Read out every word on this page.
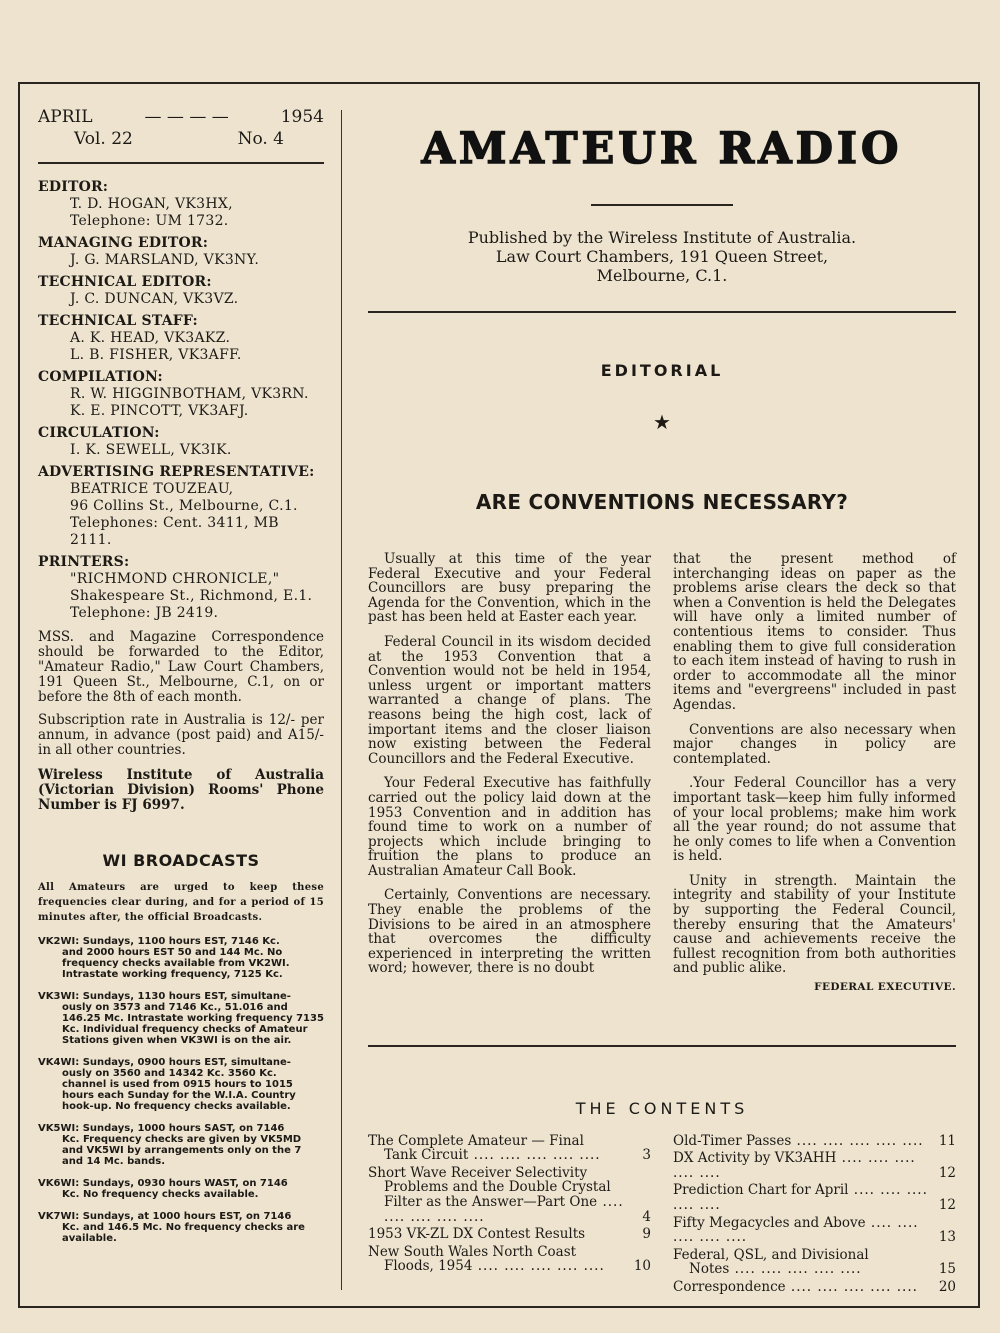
APRIL	— — — —	1954
Vol. 22	No. 4
EDITOR:
T. D. HOGAN, VK3HX,
Telephone: UM 1732.
MANAGING EDITOR:
J. G. MARSLAND, VK3NY.
TECHNICAL EDITOR:
J. C. DUNCAN, VK3VZ.
TECHNICAL STAFF:
A. K. HEAD, VK3AKZ.
L. B. FISHER, VK3AFF.
COMPILATION:
R. W. HIGGINBOTHAM, VK3RN.
K. E. PINCOTT, VK3AFJ.
CIRCULATION:
I. K. SEWELL, VK3IK.
ADVERTISING REPRESENTATIVE:
BEATRICE TOUZEAU,
96 Collins St., Melbourne, C.1.
Telephones: Cent. 3411, MB 2111.
PRINTERS:
"RICHMOND CHRONICLE,"
Shakespeare St., Richmond, E.1.
Telephone: JB 2419.
MSS. and Magazine Correspondence should be forwarded to the Editor, "Amateur Radio," Law Court Chambers, 191 Queen St., Melbourne, C.1, on or before the 8th of each month.
Subscription rate in Australia is 12/- per annum, in advance (post paid) and A15/- in all other countries.
Wireless Institute of Australia (Victorian Division) Rooms' Phone Number is FJ 6997.
WI BROADCASTS
All Amateurs are urged to keep these frequencies clear during, and for a period of 15 minutes after, the official Broadcasts.
VK2WI: Sundays, 1100 hours EST, 7146 Kc.
and 2000 hours EST 50 and 144 Mc. No frequency checks available from VK2WI. Intrastate working frequency, 7125 Kc.
VK3WI: Sundays, 1130 hours EST, simultane-
ously on 3573 and 7146 Kc., 51.016 and 146.25 Mc. Intrastate working frequency 7135 Kc. Individual frequency checks of Amateur Stations given when VK3WI is on the air.
VK4WI: Sundays, 0900 hours EST, simultane-
ously on 3560 and 14342 Kc. 3560 Kc. channel is used from 0915 hours to 1015 hours each Sunday for the W.I.A. Country hook-up. No frequency checks available.
VK5WI: Sundays, 1000 hours SAST, on 7146
Kc. Frequency checks are given by VK5MD and VK5WI by arrangements only on the 7 and 14 Mc. bands.
VK6WI: Sundays, 0930 hours WAST, on 7146
Kc. No frequency checks available.
VK7WI: Sundays, at 1000 hours EST, on 7146
Kc. and 146.5 Mc. No frequency checks are available.
AMATEUR RADIO
Published by the Wireless Institute of Australia.
Law Court Chambers, 191 Queen Street,
Melbourne, C.1.
EDITORIAL
★
ARE CONVENTIONS NECESSARY?

Usually at this time of the year Federal Executive and your Federal Councillors are busy preparing the Agenda for the Convention, which in the past has been held at Easter each year.

Federal Council in its wisdom decided at the 1953 Convention that a Convention would not be held in 1954, unless urgent or important matters warranted a change of plans. The reasons being the high cost, lack of important items and the closer liaison now existing between the Federal Councillors and the Federal Executive.

Your Federal Executive has faithfully carried out the policy laid down at the 1953 Convention and in addition has found time to work on a number of projects which include bringing to fruition the plans to produce an Australian Amateur Call Book.

Certainly, Conventions are necessary. They enable the problems of the Divisions to be aired in an atmosphere that overcomes the difficulty experienced in interpreting the written word; however, there is no doubt

that the present method of interchanging ideas on paper as the problems arise clears the deck so that when a Convention is held the Delegates will have only a limited number of contentious items to consider. Thus enabling them to give full consideration to each item instead of having to rush in order to accommodate all the minor items and "evergreens" included in past Agendas.

Conventions are also necessary when major changes in policy are contemplated.

.Your Federal Councillor has a very important task—keep him fully informed of your local problems; make him work all the year round; do not assume that he only comes to life when a Convention is held.

Unity in strength. Maintain the integrity and stability of your Institute by supporting the Federal Council, thereby ensuring that the Amateurs' cause and achievements receive the fullest recognition from both authorities and public alike.

FEDERAL EXECUTIVE.
THE CONTENTS
The Complete Amateur — Final
Tank Circuit ....	3
Short Wave Receiver Selectivity
Problems and the Double Crystal Filter as the Answer—Part One ....
4
1953 VK-ZL DX Contest Results	9
New South Wales North Coast
Floods, 1954 ....	10
Old-Timer Passes ....	11
DX Activity by VK3AHH ....
12
Prediction Chart for April ....
12
Fifty Megacycles and Above ....
13
Federal, QSL, and Divisional
Notes ....	15
Correspondence ....	20
